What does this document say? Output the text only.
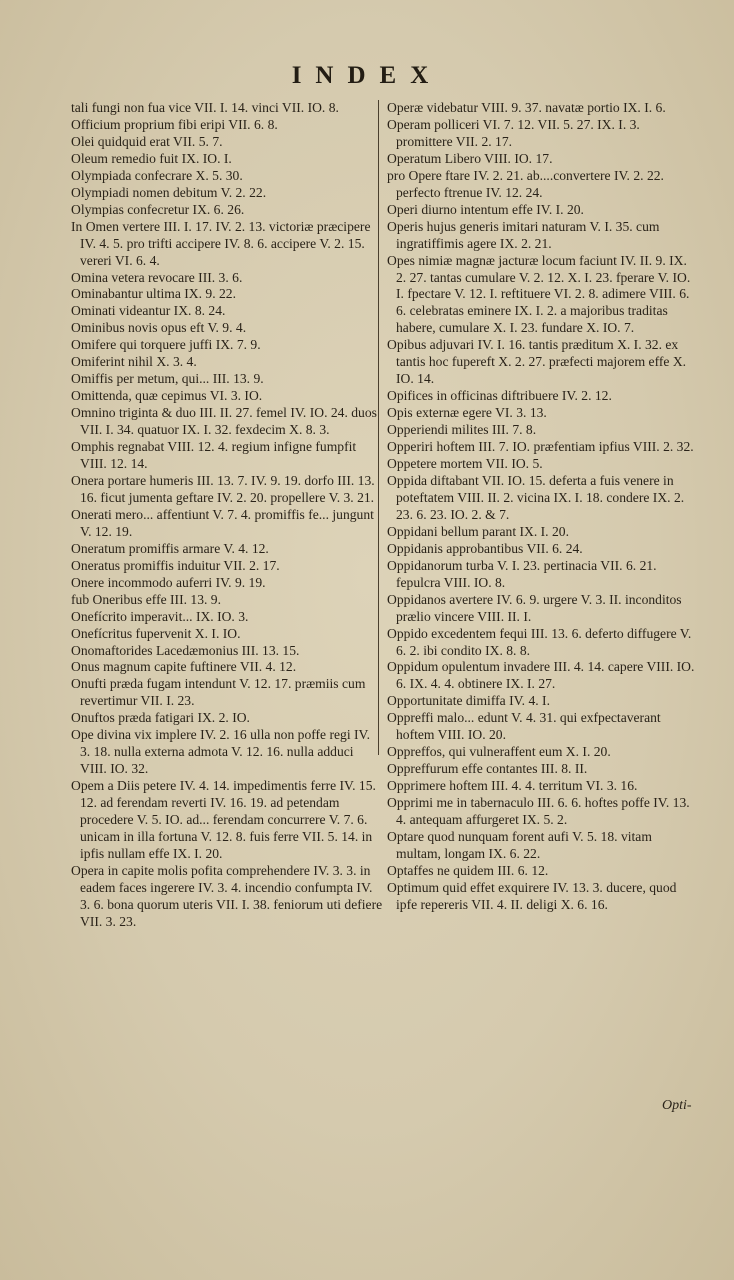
INDEX

tali fungi non fua vice VII. I. 14. vinci VII. IO. 8.

Officium proprium fibi eripi VII. 6. 8.

Olei quidquid erat VII. 5. 7.

Oleum remedio fuit IX. IO. I.

Olympiada confecrare X. 5. 30.

Olympiadi nomen debitum V. 2. 22.

Olympias confecretur IX. 6. 26.

In Omen vertere III. I. 17. IV. 2. 13. victoriæ præcipere IV. 4. 5. pro trifti accipere IV. 8. 6. accipere V. 2. 15. vereri VI. 6. 4.

Omina vetera revocare III. 3. 6.

Ominabantur ultima IX. 9. 22.

Ominati videantur IX. 8. 24.

Ominibus novis opus eft V. 9. 4.

Omifere qui torquere juffi IX. 7. 9.

Omiferint nihil X. 3. 4.

Omiffis per metum, qui... III. 13. 9.

Omittenda, quæ cepimus VI. 3. IO.

Omnino triginta & duo III. II. 27. femel IV. IO. 24. duos VII. I. 34. quatuor IX. I. 32. fexdecim X. 8. 3.

Omphis regnabat VIII. 12. 4. regium infigne fumpfit VIII. 12. 14.

Onera portare humeris III. 13. 7. IV. 9. 19. dorfo III. 13. 16. ficut jumenta geftare IV. 2. 20. propellere V. 3. 21.

Onerati mero... affentiunt V. 7. 4. promiffis fe... jungunt V. 12. 19.

Oneratum promiffis armare V. 4. 12.

Oneratus promiffis induitur VII. 2. 17.

Onere incommodo auferri IV. 9. 19.

fub Oneribus effe III. 13. 9.

Onefícrito imperavit... IX. IO. 3.

Onefícritus fupervenit X. I. IO.

Onomaftorides Lacedæmonius III. 13. 15.

Onus magnum capite fuftinere VII. 4. 12.

Onufti præda fugam intendunt V. 12. 17. præmiis cum revertimur VII. I. 23.

Onuftos præda fatigari IX. 2. IO.

Ope divina vix implere IV. 2. 16 ulla non poffe regi IV. 3. 18. nulla externa admota V. 12. 16. nulla adduci VIII. IO. 32.

Opem a Diis petere IV. 4. 14. impedimentis ferre IV. 15. 12. ad ferendam reverti IV. 16. 19. ad petendam procedere V. 5. IO. ad... ferendam concurrere V. 7. 6. unicam in illa fortuna V. 12. 8. fuis ferre VII. 5. 14. in ipfis nullam effe IX. I. 20.

Opera in capite molis pofita comprehendere IV. 3. 3. in eadem faces ingerere IV. 3. 4. incendio confumpta IV. 3. 6. bona quorum uteris VII. I. 38. feniorum uti defiere VII. 3. 23.

Operæ videbatur VIII. 9. 37. navatæ portio IX. I. 6.

Operam polliceri VI. 7. 12. VII. 5. 27. IX. I. 3. promittere VII. 2. 17.

Operatum Libero VIII. IO. 17.

pro Opere ftare IV. 2. 21. ab....convertere IV. 2. 22. perfecto ftrenue IV. 12. 24.

Operi diurno intentum effe IV. I. 20.

Operis hujus generis imitari naturam V. I. 35. cum ingratiffimis agere IX. 2. 21.

Opes nimiæ magnæ jacturæ locum faciunt IV. II. 9. IX. 2. 27. tantas cumulare V. 2. 12. X. I. 23. fperare V. IO. I. fpectare V. 12. I. reftituere VI. 2. 8. adimere VIII. 6. 6. celebratas eminere IX. I. 2. a majoribus traditas habere, cumulare X. I. 23. fundare X. IO. 7.

Opibus adjuvari IV. I. 16. tantis præditum X. I. 32. ex tantis hoc fupereft X. 2. 27. præfecti majorem effe X. IO. 14.

Opifices in officinas diftribuere IV. 2. 12.

Opis externæ egere VI. 3. 13.

Opperiendi milites III. 7. 8.

Opperiri hoftem III. 7. IO. præfentiam ipfius VIII. 2. 32.

Oppetere mortem VII. IO. 5.

Oppida diftabant VII. IO. 15. deferta a fuis venere in poteftatem VIII. II. 2. vicina IX. I. 18. condere IX. 2. 23. 6. 23. IO. 2. & 7.

Oppidani bellum parant IX. I. 20.

Oppidanis approbantibus VII. 6. 24.

Oppidanorum turba V. I. 23. pertinacia VII. 6. 21. fepulcra VIII. IO. 8.

Oppidanos avertere IV. 6. 9. urgere V. 3. II. inconditos prælio vincere VIII. II. I.

Oppido excedentem fequi III. 13. 6. deferto diffugere V. 6. 2. ibi condito IX. 8. 8.

Oppidum opulentum invadere III. 4. 14. capere VIII. IO. 6. IX. 4. 4. obtinere IX. I. 27.

Opportunitate dimiffa IV. 4. I.

Oppreffi malo... edunt V. 4. 31. qui exfpectaverant hoftem VIII. IO. 20.

Oppreffos, qui vulneraffent eum X. I. 20.

Oppreffurum effe contantes III. 8. II.

Opprimere hoftem III. 4. 4. territum VI. 3. 16.

Opprimi me in tabernaculo III. 6. 6. hoftes poffe IV. 13. 4. antequam affurgeret IX. 5. 2.

Optare quod nunquam forent aufi V. 5. 18. vitam multam, longam IX. 6. 22.

Optaffes ne quidem III. 6. 12.

Optimum quid effet exquirere IV. 13. 3. ducere, quod ipfe repereris VII. 4. II. deligi X. 6. 16.

Opti-
